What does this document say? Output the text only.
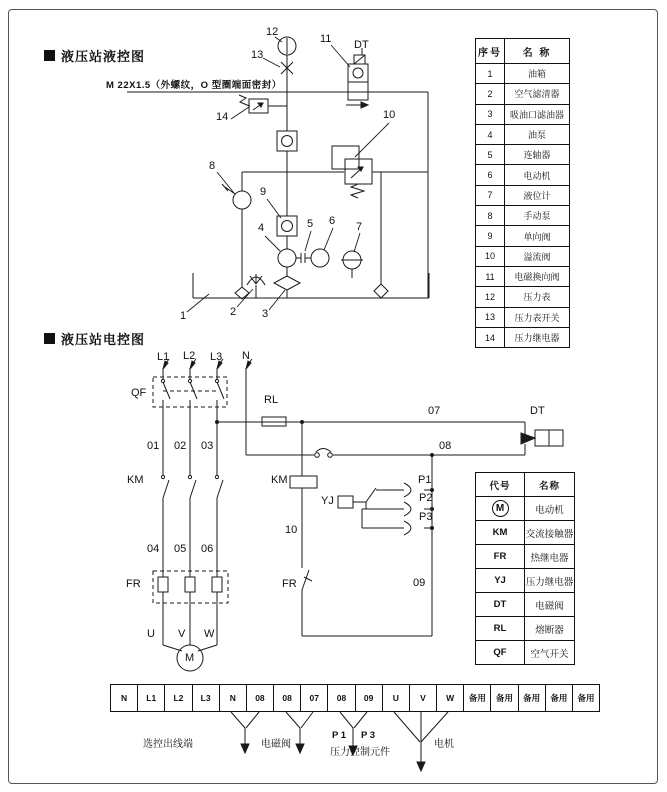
液压站液控图
M 22X1.5（外螺纹，O 型圈端面密封）
液压站电控图
12
13
11 DT
14	10
8
9
4	5 6 7
1	2 3
L1 L2 L3 N
QF
RL
01 02 03
KM
04 05 06
FR
U V W
M
07
08
DT
KM
YJ
10
FR	09
P1
P2
P3
序号	名 称
1	油箱
2	空气滤清器
3	吸油口滤油器
4	油泵
5	连轴器
6	电动机
7	液位计
8	手动泵
9	单向阀
10	溢流阀
11	电磁换向阀
12	压力表
13	压力表开关
14	压力继电器
代号	名称
M	电动机
KM	交流接触器
FR	热继电器
YJ	压力继电器
DT	电磁阀
RL	熔断器
QF	空气开关
N	L1	L2	L3	N	08	08	07	08	09	U	V	W	备用	备用	备用	备用	备用
选控出线端	电磁阀
P 1 P 3
压力控制元件
电机
